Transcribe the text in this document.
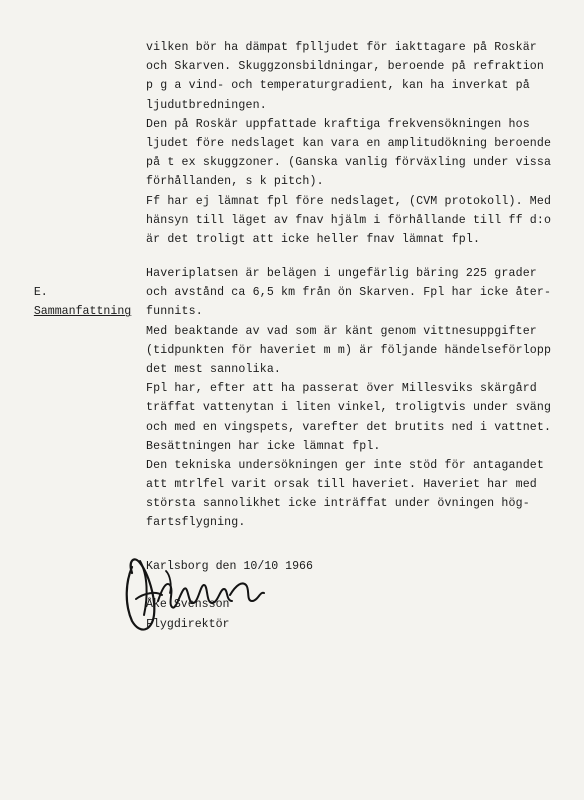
vilken bör ha dämpat fplljudet för iakttagare på Roskär
och Skarven. Skuggzonsbildningar, beroende på refraktion
p g a vind- och temperaturgradient, kan ha inverkat på
ljudutbredningen.
Den på Roskär uppfattade kraftiga frekvensökningen hos
ljudet före nedslaget kan vara en amplitudökning beroende
på t ex skuggzoner. (Ganska vanlig förväxling under vissa
förhållanden, s k pitch).
Ff har ej lämnat fpl före nedslaget, (CVM protokoll). Med
hänsyn till läget av fnav hjälm i förhållande till ff d:o
är det troligt att icke heller fnav lämnat fpl.

E.
Sammanfattning

Haveriplatsen är belägen i ungefärlig bäring 225 grader
och avstånd ca 6,5 km från ön Skarven. Fpl har icke åter-
funnits.
Med beaktande av vad som är känt genom vittnesuppgifter
(tidpunkten för haveriet m m) är följande händelseförlopp
det mest sannolika.
Fpl har, efter att ha passerat över Millesviks skärgård
träffat vattenytan i liten vinkel, troligtvis under sväng
och med en vingspets, varefter det brutits ned i vattnet.
Besättningen har icke lämnat fpl.
Den tekniska undersökningen ger inte stöd för antagandet
att mtrlfel varit orsak till haveriet. Haveriet har med
största sannolikhet icke inträffat under övningen hög-
fartsflygning.
Karlsborg den 10/10 1966
Åke Svensson
Flygdirektör
